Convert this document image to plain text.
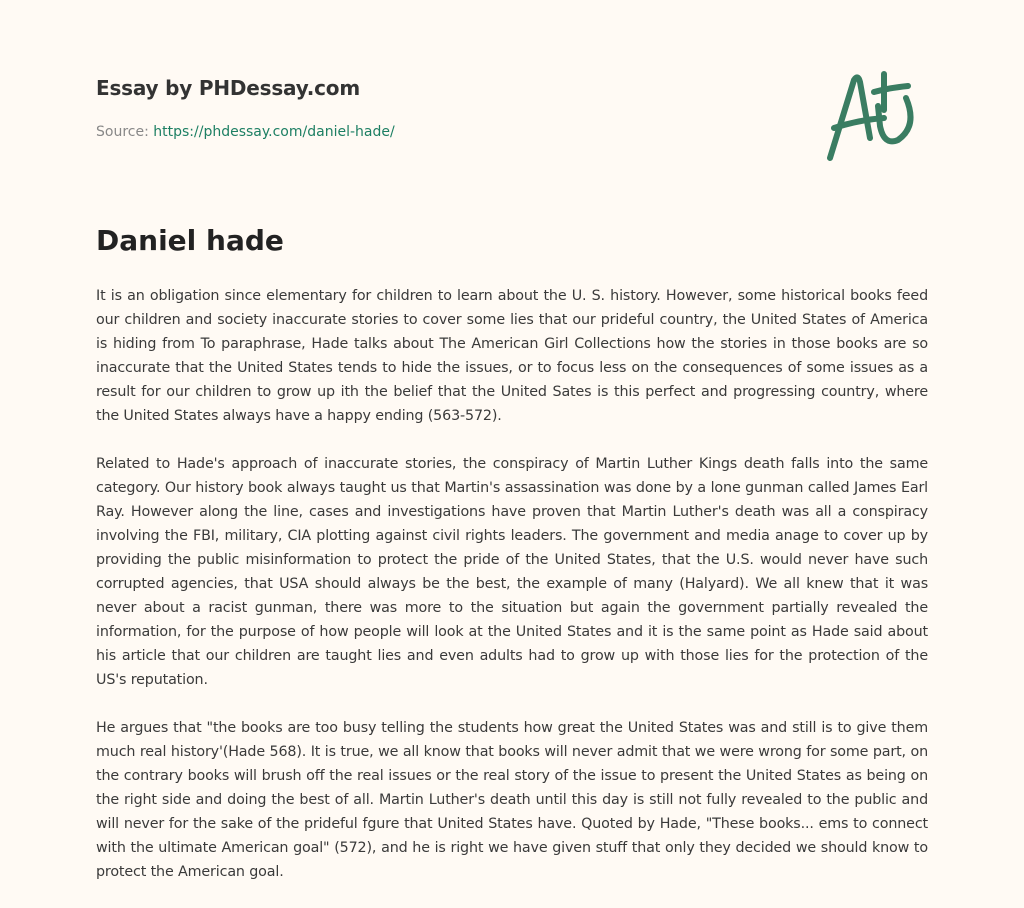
Essay by PHDessay.com

Source: https://phdessay.com/daniel-hade/
Daniel hade

It is an obligation since elementary for children to learn about the U. S. history. However, some historical books feed our children and society inaccurate stories to cover some lies that our prideful country, the United States of America is hiding from To paraphrase, Hade talks about The American Girl Collections how the stories in those books are so inaccurate that the United States tends to hide the issues, or to focus less on the consequences of some issues as a result for our children to grow up ith the belief that the United Sates is this perfect and progressing country, where the United States always have a happy ending (563-572).

Related to Hade's approach of inaccurate stories, the conspiracy of Martin Luther Kings death falls into the same category. Our history book always taught us that Martin's assassination was done by a lone gunman called James Earl Ray. However along the line, cases and investigations have proven that Martin Luther's death was all a conspiracy involving the FBI, military, CIA plotting against civil rights leaders. The government and media anage to cover up by providing the public misinformation to protect the pride of the United States, that the U.S. would never have such corrupted agencies, that USA should always be the best, the example of many (Halyard). We all knew that it was never about a racist gunman, there was more to the situation but again the government partially revealed the information, for the purpose of how people will look at the United States and it is the same point as Hade said about his article that our children are taught lies and even adults had to grow up with those lies for the protection of the US's reputation.

He argues that "the books are too busy telling the students how great the United States was and still is to give them much real history'(Hade 568). It is true, we all know that books will never admit that we were wrong for some part, on the contrary books will brush off the real issues or the real story of the issue to present the United States as being on the right side and doing the best of all. Martin Luther's death until this day is still not fully revealed to the public and will never for the sake of the prideful fgure that United States have. Quoted by Hade, "These books... ems to connect with the ultimate American goal" (572), and he is right we have given stuff that only they decided we should know to protect the American goal.
